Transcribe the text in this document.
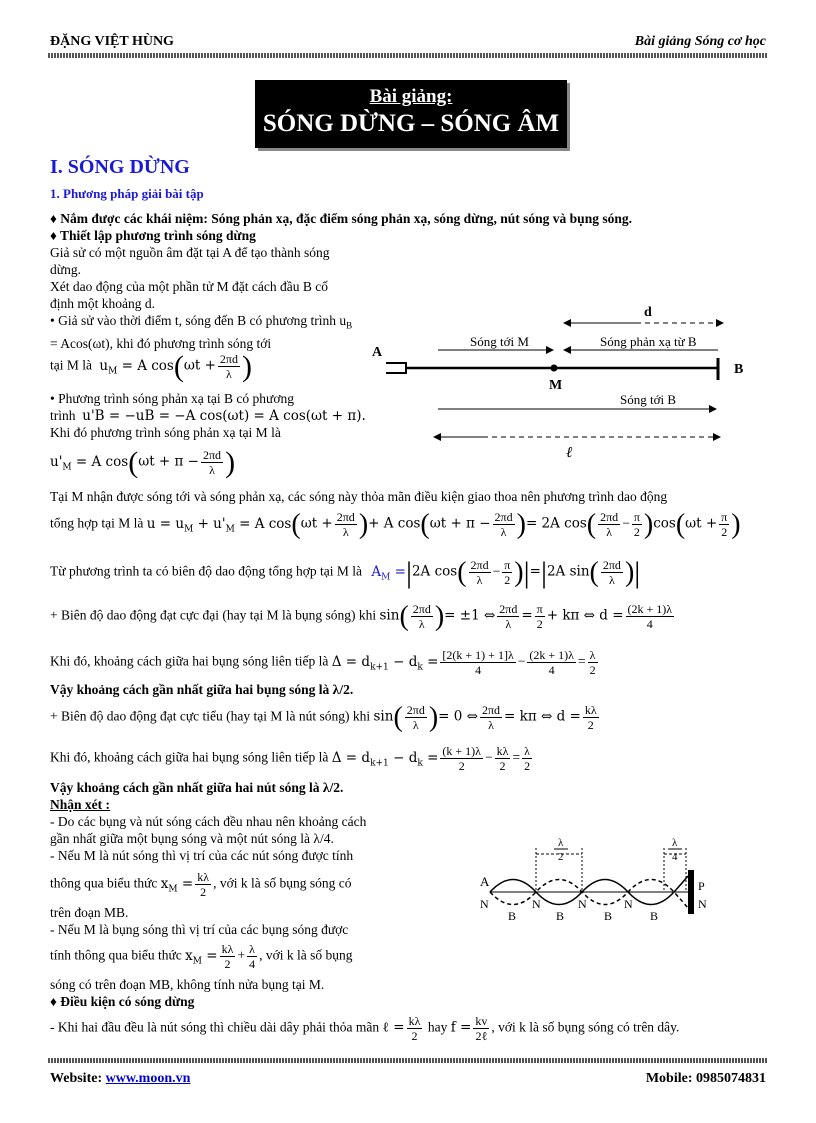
ĐẶNG VIỆT HÙNG	Bài giảng Sóng cơ học
Bài giảng:
SÓNG DỪNG – SÓNG ÂM
I. SÓNG DỪNG
1. Phương pháp giải bài tập
♦ Nắm được các khái niệm: Sóng phản xạ, đặc điểm sóng phản xạ, sóng dừng, nút sóng và bụng sóng.
♦ Thiết lập phương trình sóng dừng
Giả sử có một nguồn âm đặt tại A để tạo thành sóng dừng.
Xét dao động của một phần tử M đặt cách đầu B cố định một khoảng d.
• Giả sử vào thời điểm t, sóng đến B có phương trình $u_B = Acos(\omega t)$, khi đó phương trình sóng tới
tại M là $u_M = A$ $\cos(\omega t + \frac{2\pi d}{\lambda}$ )
• Phương trình sóng phản xạ tại B có phương
trình u'B = −uB = −A cos(ωt) = A cos(ωt + π).
Khi đó phương trình sóng phản xạ tại M là
$u'_M = A$ $\cos(\omega t + \pi - \frac{2\pi d}{\lambda}$ )
d
Sóng tới M	Sóng phản xạ từ B
A
M
B
Sóng tới B
ℓ
Tại M nhận được sóng tới và sóng phản xạ, các sóng này thỏa mãn điều kiện giao thoa nên phương trình dao động
tổng hợp tại M là $u = u_M + u'_M = A$ $\cos(\omega t + \frac{2\pi d}{\lambda}$ )+ A $\cos(\omega t + \pi - \frac{2\pi d}{\lambda}$ )= 2A $\cos( \frac{2\pi d}{\lambda} - \frac{\pi}{2} )\cos(\omega t + \frac{\pi}{2}$ )
Từ phương trình ta có biên độ dao động tổng hợp tại M là $A_M =|2A$ $\cos( \frac{2\pi d}{\lambda} - \frac{\pi}{2} )|=|2A$ $\sin( \frac{2\pi d}{\lambda}$ )|
+ Biên độ dao động đạt cực đại (hay tại M là bụng sóng) khi $\sin( \frac{2\pi d}{\lambda}$ )= ±1 ⇔ $\frac{2\pi d}{\lambda} = \frac{\pi}{2} + k\pi$ ⇔ $d = \frac{(2k + 1)\lambda}{4}$
Khi đó, khoảng cách giữa hai bụng sóng liên tiếp là $\Delta = d_{k+1} - d_k = \frac{[2(k + 1) + 1]\lambda}{4} - \frac{(2k + 1)\lambda}{4} = \frac{\lambda}{2}$
Vậy khoảng cách gần nhất giữa hai bụng sóng là λ/2.
+ Biên độ dao động đạt cực tiểu (hay tại M là nút sóng) khi $\sin( \frac{2\pi d}{\lambda}$ )= 0 ⇔ $\frac{2\pi d}{\lambda} = k\pi$ ⇔ $d = \frac{k\lambda}{2}$
Khi đó, khoảng cách giữa hai bụng sóng liên tiếp là $\Delta = d_{k+1} - d_k = \frac{(k + 1)\lambda}{2} - \frac{k\lambda}{2} = \frac{\lambda}{2}$
Vậy khoảng cách gần nhất giữa hai nút sóng là λ/2.
Nhận xét :
- Do các bụng và nút sóng cách đều nhau nên khoảng cách gần nhất giữa một bụng sóng và một nút sóng là λ/4.
- Nếu M là nút sóng thì vị trí của các nút sóng được tính
thông qua biểu thức $x_M = \frac{k\lambda}{2}$ , với k là số bụng sóng có
trên đoạn MB.
- Nếu M là bụng sóng thì vị trí của các bụng sóng được
tính thông qua biểu thức $x_M = \frac{k\lambda}{2} + \frac{\lambda}{4}$ , với k là số bụng
sóng có trên đoạn MB, không tính nửa bụng tại M.
♦ Điều kiện có sóng dừng
- Khi hai đầu đều là nút sóng thì chiều dài dây phải thỏa mãn ℓ = $\frac{k\lambda}{2}$ hay $f = \frac{kv}{\text{2ℓ}}$ , với k là số bụng sóng có trên dây.
λ
2
λ
4
A	P
N
N	N	N	N
B	B	B	B
Website: www.moon.vn	Mobile: 0985074831
